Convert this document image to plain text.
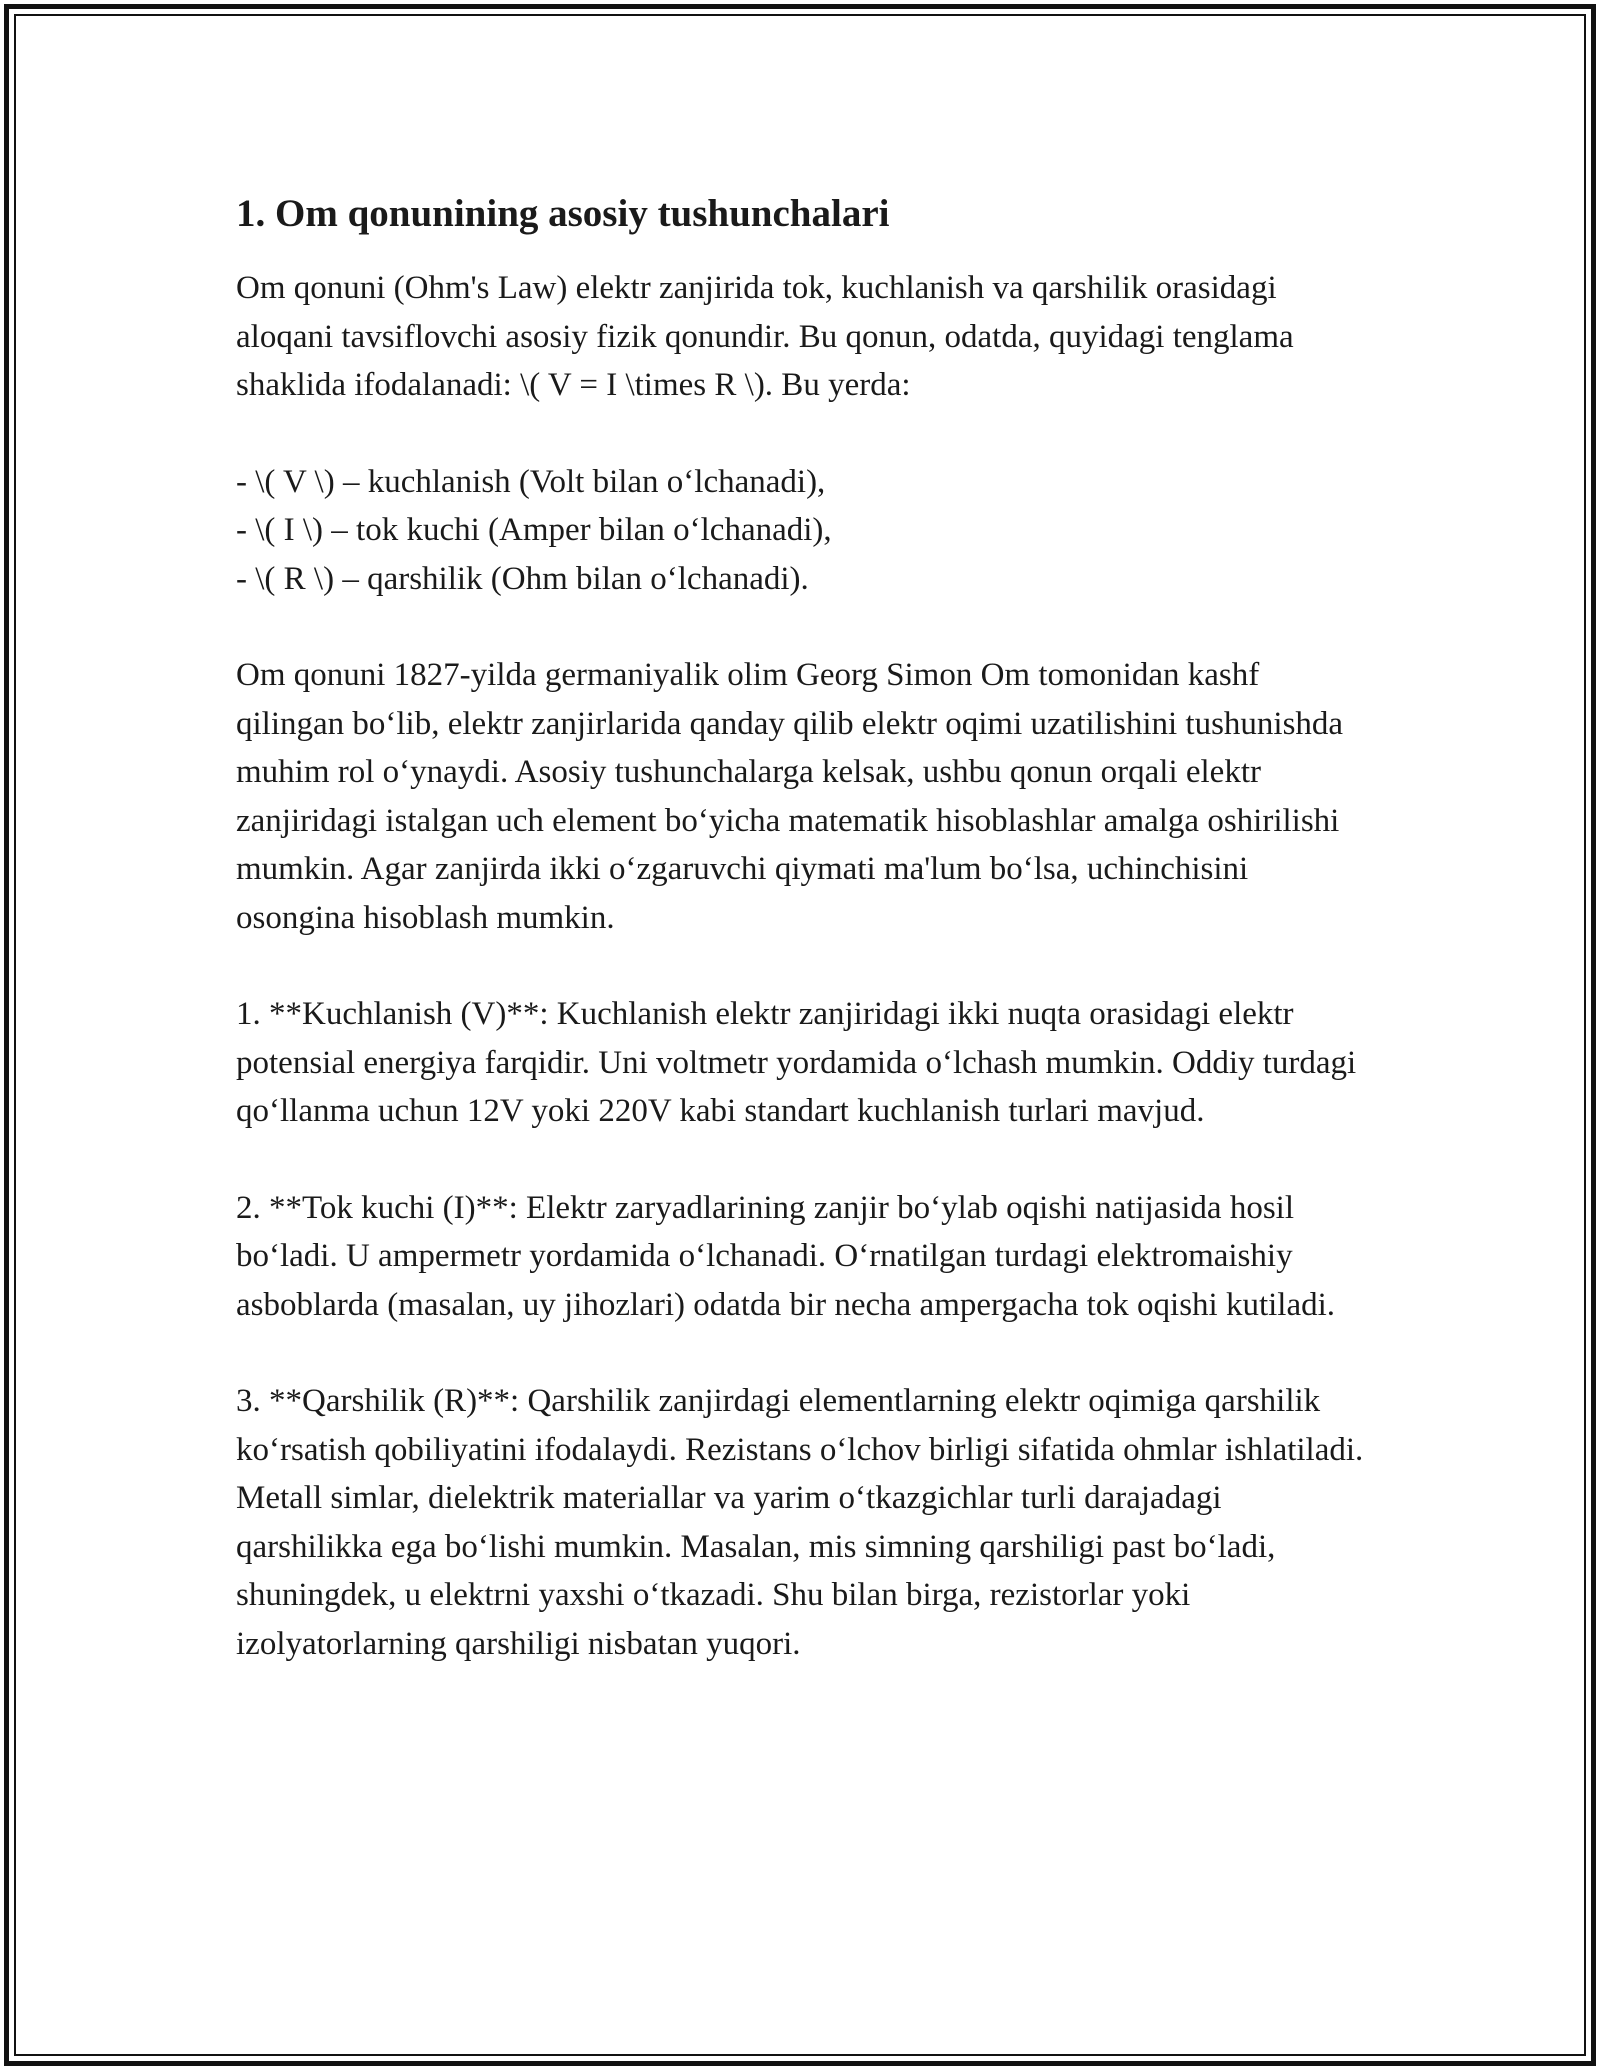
1. Om qonunining asosiy tushunchalari

Om qonuni (Ohm's Law) elektr zanjirida tok, kuchlanish va qarshilik orasidagi aloqani tavsiflovchi asosiy fizik qonundir. Bu qonun, odatda, quyidagi tenglama shaklida ifodalanadi: \( V = I \times R \). Bu yerda:

- \( V \) – kuchlanish (Volt bilan o‘lchanadi),
- \( I \) – tok kuchi (Amper bilan o‘lchanadi),
- \( R \) – qarshilik (Ohm bilan o‘lchanadi).

Om qonuni 1827-yilda germaniyalik olim Georg Simon Om tomonidan kashf qilingan bo‘lib, elektr zanjirlarida qanday qilib elektr oqimi uzatilishini tushunishda muhim rol o‘ynaydi. Asosiy tushunchalarga kelsak, ushbu qonun orqali elektr zanjiridagi istalgan uch element bo‘yicha matematik hisoblashlar amalga oshirilishi mumkin. Agar zanjirda ikki o‘zgaruvchi qiymati ma'lum bo‘lsa, uchinchisini osongina hisoblash mumkin.

1. **Kuchlanish (V)**: Kuchlanish elektr zanjiridagi ikki nuqta orasidagi elektr potensial energiya farqidir. Uni voltmetr yordamida o‘lchash mumkin. Oddiy turdagi qo‘llanma uchun 12V yoki 220V kabi standart kuchlanish turlari mavjud.

2. **Tok kuchi (I)**: Elektr zaryadlarining zanjir bo‘ylab oqishi natijasida hosil bo‘ladi. U ampermetr yordamida o‘lchanadi. O‘rnatilgan turdagi elektromaishiy asboblarda (masalan, uy jihozlari) odatda bir necha ampergacha tok oqishi kutiladi.

3. **Qarshilik (R)**: Qarshilik zanjirdagi elementlarning elektr oqimiga qarshilik ko‘rsatish qobiliyatini ifodalaydi. Rezistans o‘lchov birligi sifatida ohmlar ishlatiladi. Metall simlar, dielektrik materiallar va yarim o‘tkazgichlar turli darajadagi qarshilikka ega bo‘lishi mumkin. Masalan, mis simning qarshiligi past bo‘ladi, shuningdek, u elektrni yaxshi o‘tkazadi. Shu bilan birga, rezistorlar yoki izolyatorlarning qarshiligi nisbatan yuqori.
